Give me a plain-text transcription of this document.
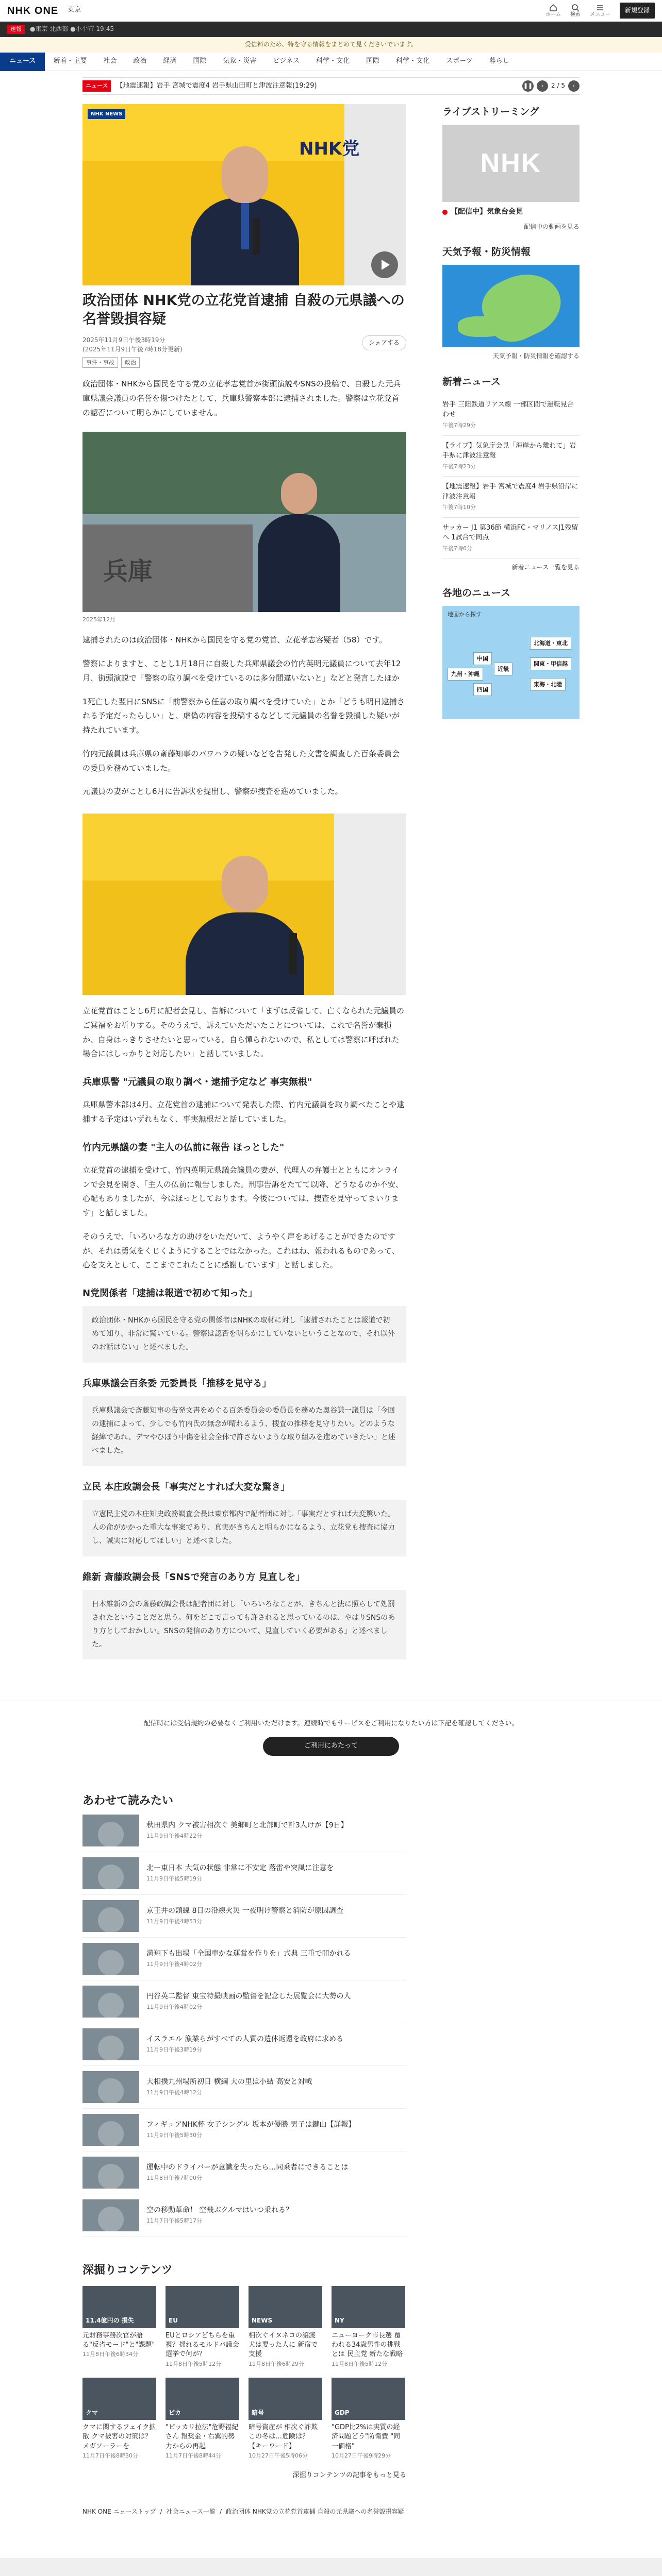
NHK ONE 東京
ホーム 検索 メニュー
新規登録
速報	●東京 北西部 ●小平市 19:45
受信料のため、特を守る情報をまとめて見くださいでいます。
ニュース	新着・主要	社会	政治	経済	国際	気象・災害	ビジネス	科学・文化	国際	科学・文化	スポーツ	暮らし
ニュース	【地震速報】岩手 宮城で震度4 岩手県山田町と津波注意報(19:29)	❚❚	‹	2 / 5	›
NHK党
NHK NEWS
政治団体 NHK党の立花党首逮捕 自殺の元県議への名誉毀損容疑
2025年11月9日午後3時19分
(2025年11月9日午後7時18分更新)
シェアする
事件・事故	政治

政治団体・NHKから国民を守る党の立花孝志党首が街頭演説やSNSの投稿で、自殺した元兵庫県議会議員の名誉を傷つけたとして、兵庫県警察本部に逮捕されました。警察は立花党首の認否について明らかにしていません。

兵庫
2025年12月

逮捕されたのは政治団体・NHKから国民を守る党の党首、立花孝志容疑者（58）です。

警察によりますと、ことし1月18日に自殺した兵庫県議会の竹内英明元議員について去年12月、街頭演説で「警察の取り調べを受けているのは多分間違いないと」などと発言したほか

1死亡した翌日にSNSに「前警察から任意の取り調べを受けていた」とか「どうも明日逮捕される予定だったらしい」と、虚偽の内容を投稿するなどして元議員の名誉を毀損した疑いが持たれています。

竹内元議員は兵庫県の斎藤知事のパワハラの疑いなどを告発した文書を調査した百条委員会の委員を務めていました。

元議員の妻がことし6月に告訴状を提出し、警察が捜査を進めていました。

立花党首はことし6月に記者会見し、告訴について「まずは反省して、亡くなられた元議員のご冥福をお祈りする。そのうえで、訴えていただいたことについては、これで名誉が棄損か、自身はっきりさせたいと思っている。自ら憚られないので、私としては警察に呼ばれた場合にはしっかりと対応したい」と話していました。

兵庫県警 "元議員の取り調べ・逮捕予定など 事実無根"

兵庫県警本部は4月、立花党首の逮捕について発表した際、竹内元議員を取り調べたことや逮捕する予定はいずれもなく、事実無根だと話していました。

竹内元県議の妻 "主人の仏前に報告 ほっとした"

立花党首の逮捕を受けて、竹内英明元県議会議員の妻が、代理人の弁護士とともにオンラインで会見を開き、「主人の仏前に報告しました。刑事告訴をたてて以降、どうなるのか不安、心配もありましたが、今はほっとしております。今後については、捜査を見守ってまいります」と話しました。

そのうえで、「いろいろな方の助けをいただいて、ようやく声をあげることができたのですが、それは勇気をくじくようにすることではなかった。これはね、報われるものであって、心を支えとして、ここまでこれたことに感謝しています」と話しました。

N党関係者「逮捕は報道で初めて知った」
政治団体・NHKから国民を守る党の関係者はNHKの取材に対し「逮捕されたことは報道で初めて知り、非常に驚いている。警察は認否を明らかにしていないということなので、それ以外のお話はない」と述べました。
兵庫県議会百条委 元委員長「推移を見守る」
兵庫県議会で斎藤知事の告発文書をめぐる百条委員会の委員長を務めた奥谷謙一議員は「今回の逮捕によって、少しでも竹内氏の無念が晴れるよう、捜査の推移を見守りたい。どのような経緯であれ、デマやひぼう中傷を社会全体で許さないような取り組みを進めていきたい」と述べました。
立民 本庄政調会長「事実だとすれば大変な驚き」
立憲民主党の本庄知史政務調査会長は東京都内で記者団に対し「事実だとすれば大変驚いた。人の命がかかった重大な事案であり、真実がきちんと明らかになるよう、立花党も捜査に協力し、誠実に対応してほしい」と述べました。
維新 斎藤政調会長「SNSで発言のあり方 見直しを」
日本維新の会の斎藤政調会長は記者団に対し「いろいろなことが、きちんと法に照らして処罰されたということだと思う。何をどこで言っても許されると思っているのは、やはりSNSのあり方としておかしい。SNSの発信のあり方について、見直していく必要がある」と述べました。
ライブストリーミング
NHK
【配信中】気象台会見
配信中の動画を見る
天気予報・防災情報
天気予報・防災情報を確認する
新着ニュース
岩手 三陸鉄道リアス線 一部区間で運転見合わせ
午後7時29分
【ライブ】気象庁会見「海岸から離れて」岩手県に津波注意報
午後7時23分
【地震速報】岩手 宮城で震度4 岩手県沿岸に津波注意報
午後7時10分
サッカー J1 第36節 横浜FC・マリノスJ1残留へ 1試合で同点
午後7時6分
新着ニュース一覧を見る
各地のニュース
地図から探す
北海道・東北
関東・甲信越
東海・北陸
近畿
中国
四国
九州・沖縄

配信時には受信規約の必要なくご利用いただけます。連続時でもサービスをご利用になりたい方は下記を確認してください。

ご利用にあたって
あわせて読みたい
秋田県内 クマ被害相次ぐ 美郷町と北部町で計3人けが【9日】
11月9日午後4時22分
北ー東日本 大気の状態 非常に不安定 落雷や突風に注意を
11月9日午後5時19分
京王井の頭線 8日の沿線火災 一夜明け警察と消防が原因調査
11月9日午後4時53分
満翔下も出場「全国車かな運営を作りを」式典 三重で開かれる
11月9日午後4時02分
円谷英二監督 東宝特撮映画の監督を記念した展覧会に大勢の人
11月9日午後4時02分
イスラエル 漁業らがすべての人質の遺体返還を政府に求める
11月9日午後3時19分
大相撲九州場所初日 横綱 大の里は小結 高安と対戦
11月9日午後4時12分
フィギュアNHK杯 女子シングル 坂本が優勝 男子は鍵山【詳報】
11月9日午後5時30分
運転中のドライバーが意識を失ったら…同乗者にできることは
11月8日午後7時00分
空の移動革命！ 空飛ぶクルマはいつ乗れる？
11月7日午後5時17分
深掘りコンテンツ
11.4億円の 損失
元財務事務次官が語る"反省モード"と"課題"
11月8日午後6時34分
EU
EUとロシアどちらを重視？揺れるモルドバ議会選挙で何が？
11月8日午後5時12分
NEWS
相次ぐイヌネコの譲渡 犬は要った人に 新宿で支援
11月8日午後6時29分
NY
ニューヨーク市長選 覆われる34歳男性の挑戦とは 民主党 新たな戦略
11月8日午後5時12分
クマ
クマに関するフェイク拡散 クマ被害の対策は？ メガソーラーを
11月7日午後8時30分
ピカ
"ピッカリ拉法"危野福紀さん 報奨金・右翼的勢力からの再起
11月7日午後8時44分
暗号
暗号資産が 相次ぐ詐欺 この冬は…危険は？ 【キーワード】
10月27日午後5時06分
GDP
"GDP比2%は実質の経済問題どう"防衛費 "同一価格"
10月27日午後9時29分
深掘りコンテンツの記事をもっと見る
NHK ONE ニューストップ / 社会ニュース一覧 / 政治団体 NHK党の立花党首逮捕 自殺の元県議への名誉毀損容疑
